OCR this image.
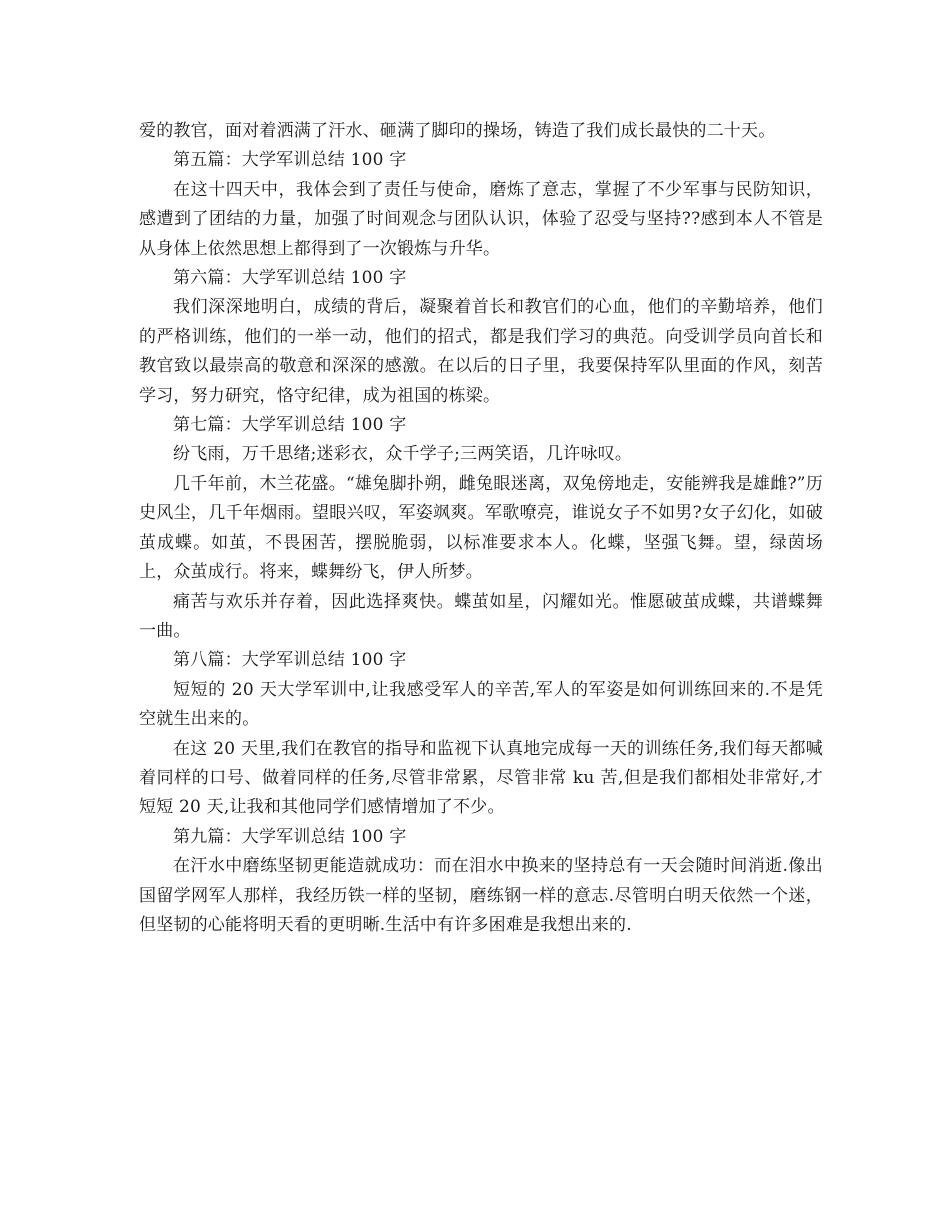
爱的教官，面对着洒满了汗水、砸满了脚印的操场，铸造了我们成长最快的二十天。

第五篇：大学军训总结 100 字

在这十四天中，我体会到了责任与使命，磨炼了意志，掌握了不少军事与民防知识，感遭到了团结的力量，加强了时间观念与团队认识，体验了忍受与坚持??感到本人不管是从身体上依然思想上都得到了一次锻炼与升华。

第六篇：大学军训总结 100 字

我们深深地明白，成绩的背后，凝聚着首长和教官们的心血，他们的辛勤培养，他们的严格训练，他们的一举一动，他们的招式，都是我们学习的典范。向受训学员向首长和教官致以最崇高的敬意和深深的感激。在以后的日子里，我要保持军队里面的作风，刻苦学习，努力研究，恪守纪律，成为祖国的栋梁。

第七篇：大学军训总结 100 字

纷飞雨，万千思绪;迷彩衣，众千学子;三两笑语，几许咏叹。

几千年前，木兰花盛。“雄兔脚扑朔，雌兔眼迷离，双兔傍地走，安能辨我是雄雌?”历史风尘，几千年烟雨。望眼兴叹，军姿飒爽。军歌嘹亮，谁说女子不如男?女子幻化，如破茧成蝶。如茧，不畏困苦，摆脱脆弱，以标准要求本人。化蝶，坚强飞舞。望，绿茵场上，众茧成行。将来，蝶舞纷飞，伊人所梦。

痛苦与欢乐并存着，因此选择爽快。蝶茧如星，闪耀如光。惟愿破茧成蝶，共谱蝶舞一曲。

第八篇：大学军训总结 100 字

短短的 20 天大学军训中,让我感受军人的辛苦,军人的军姿是如何训练回来的.不是凭空就生出来的。

在这 20 天里,我们在教官的指导和监视下认真地完成每一天的训练任务,我们每天都喊着同样的口号、做着同样的任务,尽管非常累，尽管非常 ku 苦,但是我们都相处非常好,才短短 20 天,让我和其他同学们感情增加了不少。

第九篇：大学军训总结 100 字

在汗水中磨练坚韧更能造就成功：而在泪水中换来的坚持总有一天会随时间消逝.像出国留学网军人那样，我经历铁一样的坚韧，磨练钢一样的意志.尽管明白明天依然一个迷，但坚韧的心能将明天看的更明晰.生活中有许多困难是我想出来的.
